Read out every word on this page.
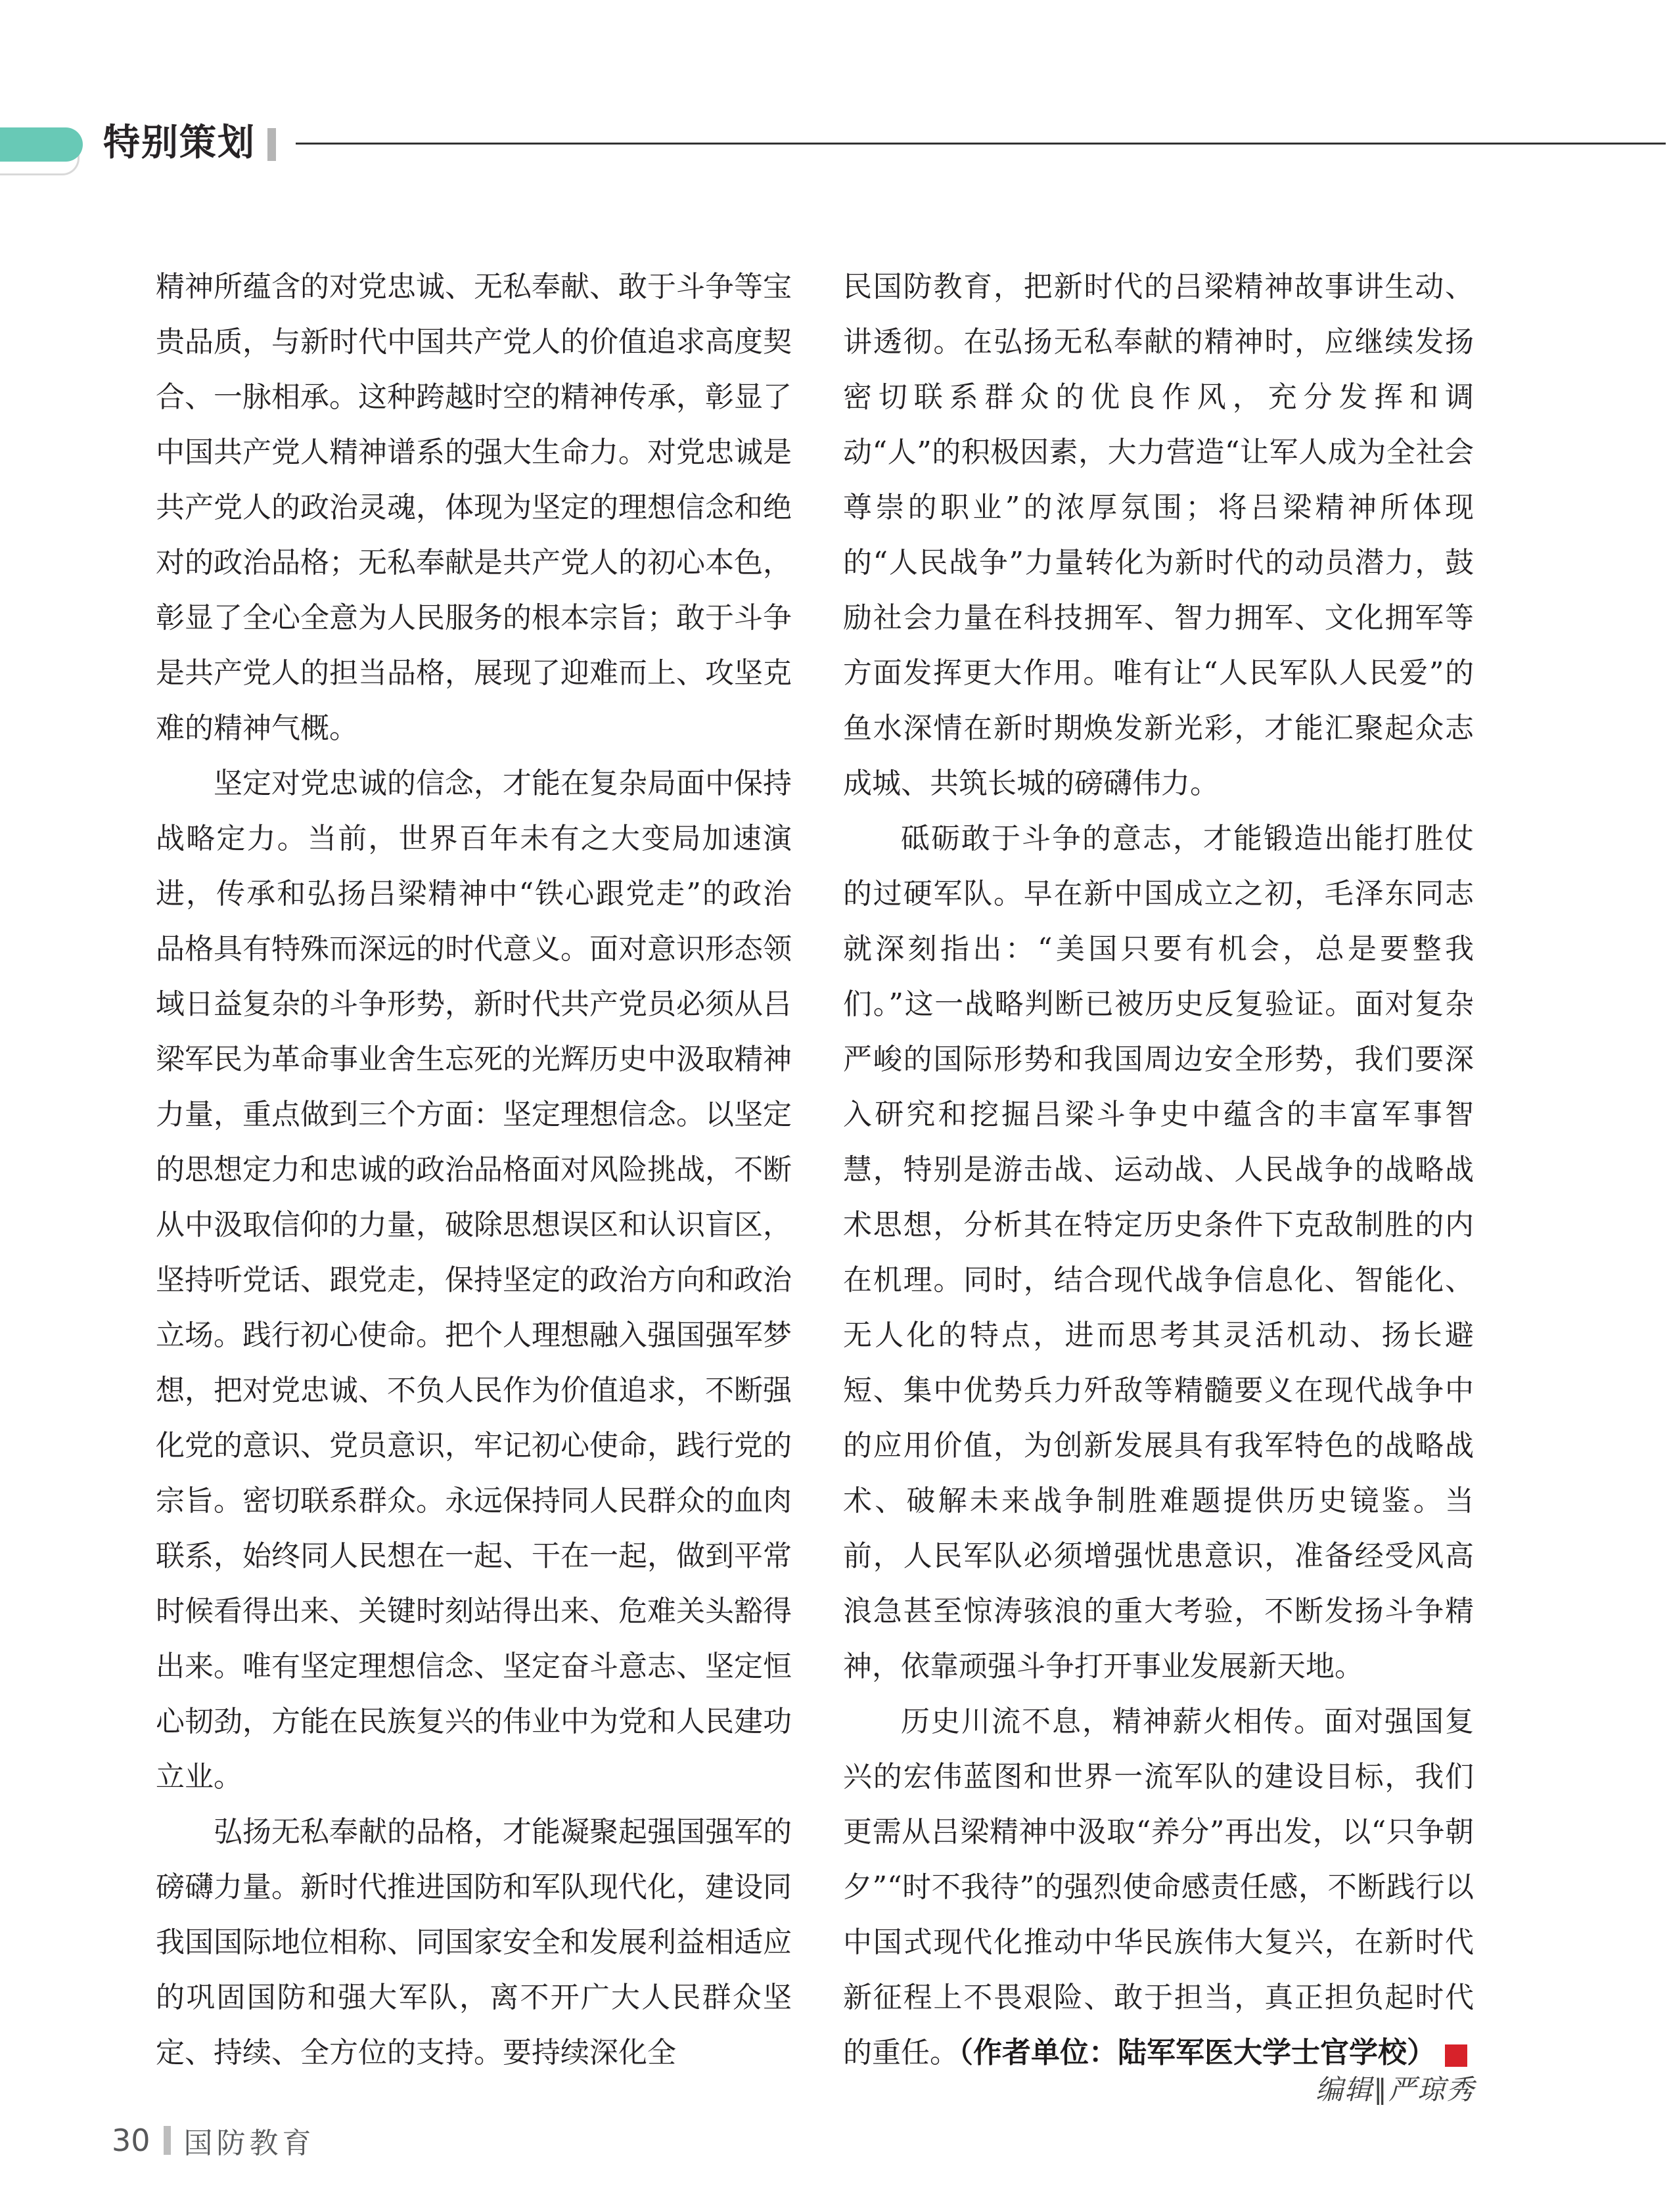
特别策划

精神所蕴含的对党忠诚、无私奉献、敢于斗争等宝贵品质，与新时代中国共产党人的价值追求高度契合、一脉相承。这种跨越时空的精神传承，彰显了中国共产党人精神谱系的强大生命力。对党忠诚是共产党人的政治灵魂，体现为坚定的理想信念和绝对的政治品格；无私奉献是共产党人的初心本色，彰显了全心全意为人民服务的根本宗旨；敢于斗争是共产党人的担当品格，展现了迎难而上、攻坚克难的精神气概。

坚定对党忠诚的信念，才能在复杂局面中保持战略定力。当前，世界百年未有之大变局加速演进，传承和弘扬吕梁精神中“铁心跟党走”的政治品格具有特殊而深远的时代意义。面对意识形态领域日益复杂的斗争形势，新时代共产党员必须从吕梁军民为革命事业舍生忘死的光辉历史中汲取精神力量，重点做到三个方面：坚定理想信念。以坚定的思想定力和忠诚的政治品格面对风险挑战，不断从中汲取信仰的力量，破除思想误区和认识盲区，坚持听党话、跟党走，保持坚定的政治方向和政治立场。践行初心使命。把个人理想融入强国强军梦想，把对党忠诚、不负人民作为价值追求，不断强化党的意识、党员意识，牢记初心使命，践行党的宗旨。密切联系群众。永远保持同人民群众的血肉联系，始终同人民想在一起、干在一起，做到平常时候看得出来、关键时刻站得出来、危难关头豁得出来。唯有坚定理想信念、坚定奋斗意志、坚定恒心韧劲，方能在民族复兴的伟业中为党和人民建功立业。

弘扬无私奉献的品格，才能凝聚起强国强军的磅礴力量。新时代推进国防和军队现代化，建设同我国国际地位相称、同国家安全和发展利益相适应的巩固国防和强大军队，离不开广大人民群众坚定、持续、全方位的支持。要持续深化全

民国防教育，把新时代的吕梁精神故事讲生动、讲透彻。在弘扬无私奉献的精神时，应继续发扬密切联系群众的优良作风，充分发挥和调动“人”的积极因素，大力营造“让军人成为全社会尊崇的职业”的浓厚氛围；将吕梁精神所体现的“人民战争”力量转化为新时代的动员潜力，鼓励社会力量在科技拥军、智力拥军、文化拥军等方面发挥更大作用。唯有让“人民军队人民爱”的鱼水深情在新时期焕发新光彩，才能汇聚起众志成城、共筑长城的磅礴伟力。

砥砺敢于斗争的意志，才能锻造出能打胜仗的过硬军队。早在新中国成立之初，毛泽东同志就深刻指出：“美国只要有机会，总是要整我们。”这一战略判断已被历史反复验证。面对复杂严峻的国际形势和我国周边安全形势，我们要深入研究和挖掘吕梁斗争史中蕴含的丰富军事智慧，特别是游击战、运动战、人民战争的战略战术思想，分析其在特定历史条件下克敌制胜的内在机理。同时，结合现代战争信息化、智能化、无人化的特点，进而思考其灵活机动、扬长避短、集中优势兵力歼敌等精髓要义在现代战争中的应用价值，为创新发展具有我军特色的战略战术、破解未来战争制胜难题提供历史镜鉴。当前，人民军队必须增强忧患意识，准备经受风高浪急甚至惊涛骇浪的重大考验，不断发扬斗争精神，依靠顽强斗争打开事业发展新天地。

历史川流不息，精神薪火相传。面对强国复兴的宏伟蓝图和世界一流军队的建设目标，我们更需从吕梁精神中汲取“养分”再出发，以“只争朝夕”“时不我待”的强烈使命感责任感，不断践行以中国式现代化推动中华民族伟大复兴，在新时代新征程上不畏艰险、敢于担当，真正担负起时代的重任。（作者单位：陆军军医大学士官学校）	G

编辑∥严琼秀
30 国防教育
